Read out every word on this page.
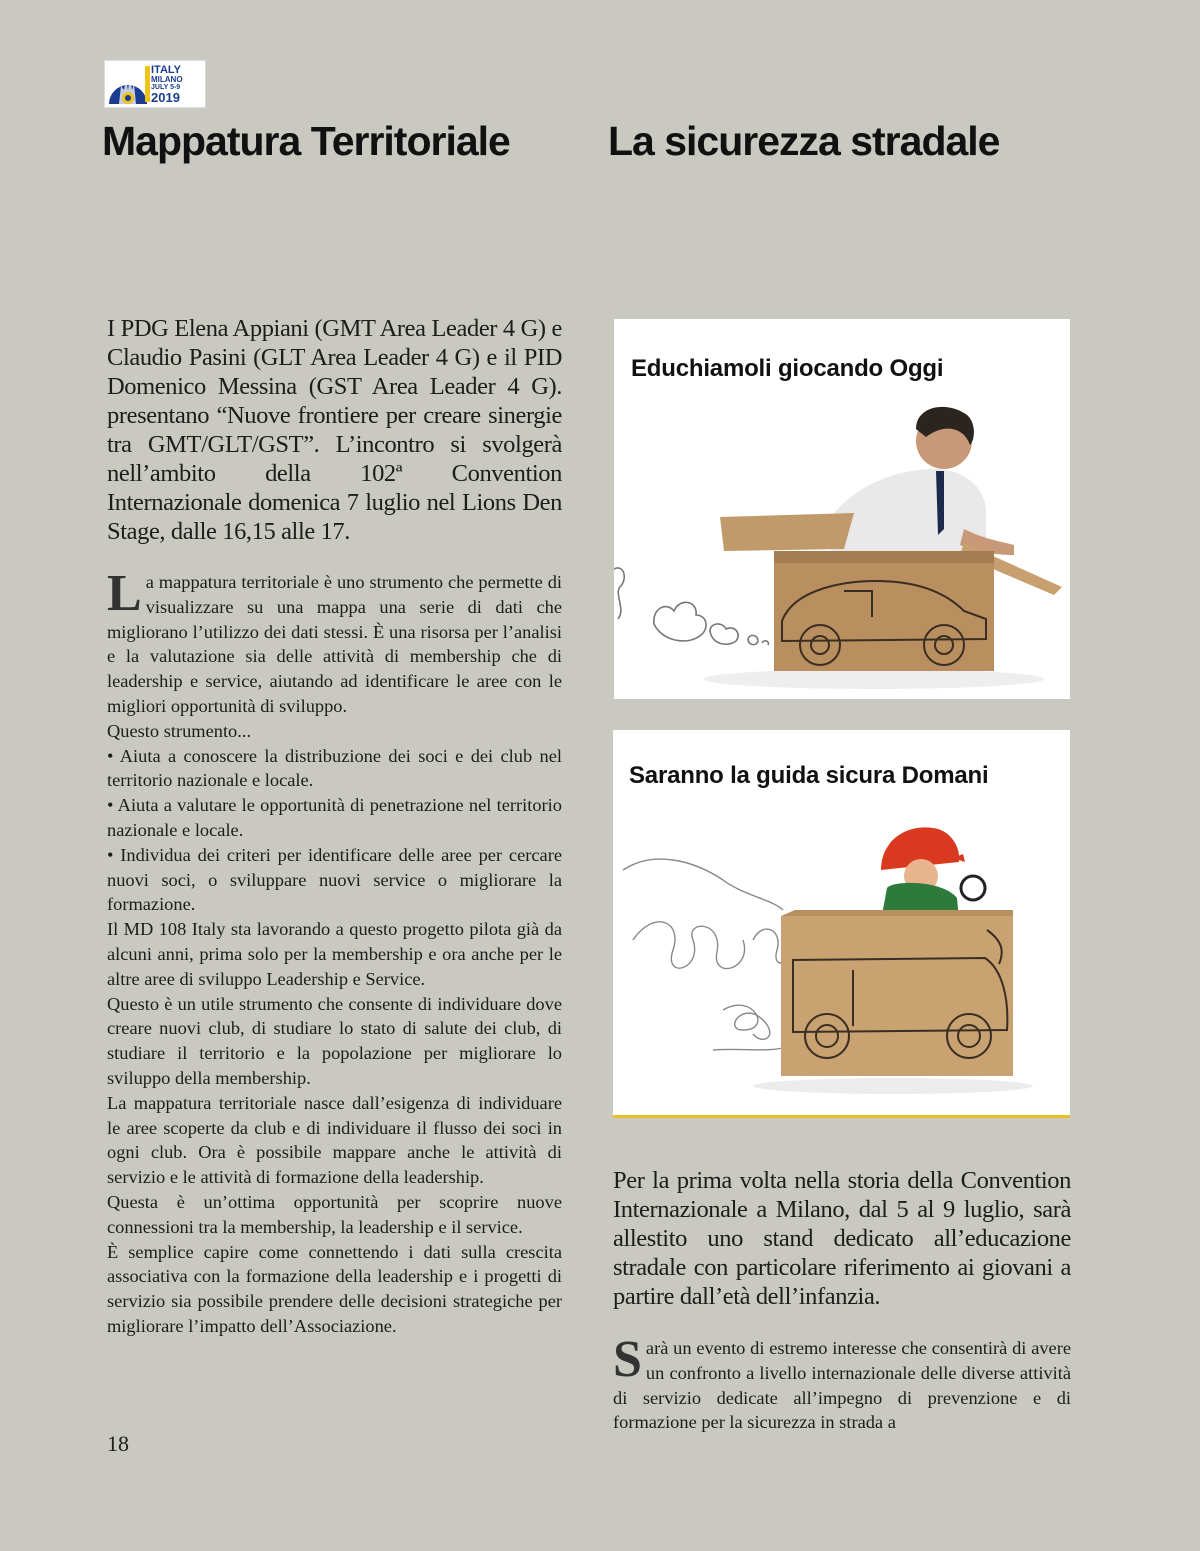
ITALY
MILANO
JULY 5-9
2019
Mappatura Territoriale La sicurezza stradale
I PDG Elena Appiani (GMT Area Leader 4 G) e Claudio Pasini (GLT Area Leader 4 G) e il PID Domenico Messina (GST Area Leader 4 G). presentano “Nuove frontiere per creare sinergie tra GMT/GLT/GST”. L’incontro si svolgerà nell’ambito della 102ª Convention Internazionale domenica 7 luglio nel Lions Den Stage, dalle 16,15 alle 17.

La mappatura territoriale è uno strumento che permette di visualizzare su una mappa una serie di dati che migliorano l’utilizzo dei dati stessi. È una risorsa per l’analisi e la valutazione sia delle attività di membership che di leadership e service, aiutando ad identificare le aree con le migliori opportunità di sviluppo.

Questo strumento...

• Aiuta a conoscere la distribuzione dei soci e dei club nel territorio nazionale e locale.

• Aiuta a valutare le opportunità di penetrazione nel territorio nazionale e locale.

• Individua dei criteri per identificare delle aree per cercare nuovi soci, o sviluppare nuovi service o migliorare la formazione.

Il MD 108 Italy sta lavorando a questo progetto pilota già da alcuni anni, prima solo per la membership e ora anche per le altre aree di sviluppo Leadership e Service.

Questo è un utile strumento che consente di individuare dove creare nuovi club, di studiare lo stato di salute dei club, di studiare il territorio e la popolazione per migliorare lo sviluppo della membership.

La mappatura territoriale nasce dall’esigenza di individuare le aree scoperte da club e di individuare il flusso dei soci in ogni club. Ora è possibile mappare anche le attività di servizio e le attività di formazione della leadership.

Questa è un’ottima opportunità per scoprire nuove connessioni tra la membership, la leadership e il service.

È semplice capire come connettendo i dati sulla crescita associativa con la formazione della leadership e i progetti di servizio sia possibile prendere delle decisioni strategiche per migliorare l’impatto dell’Associazione.

Educhiamoli giocando Oggi
Saranno la guida sicura Domani
Per la prima volta nella storia della Convention Internazionale a Milano, dal 5 al 9 luglio, sarà allestito uno stand dedicato all’educazione stradale con particolare riferimento ai giovani a partire dall’età dell’infanzia.

Sarà un evento di estremo interesse che consentirà di avere un confronto a livello internazionale delle diverse attività di servizio dedicate all’impegno di prevenzione e di formazione per la sicurezza in strada a

18
